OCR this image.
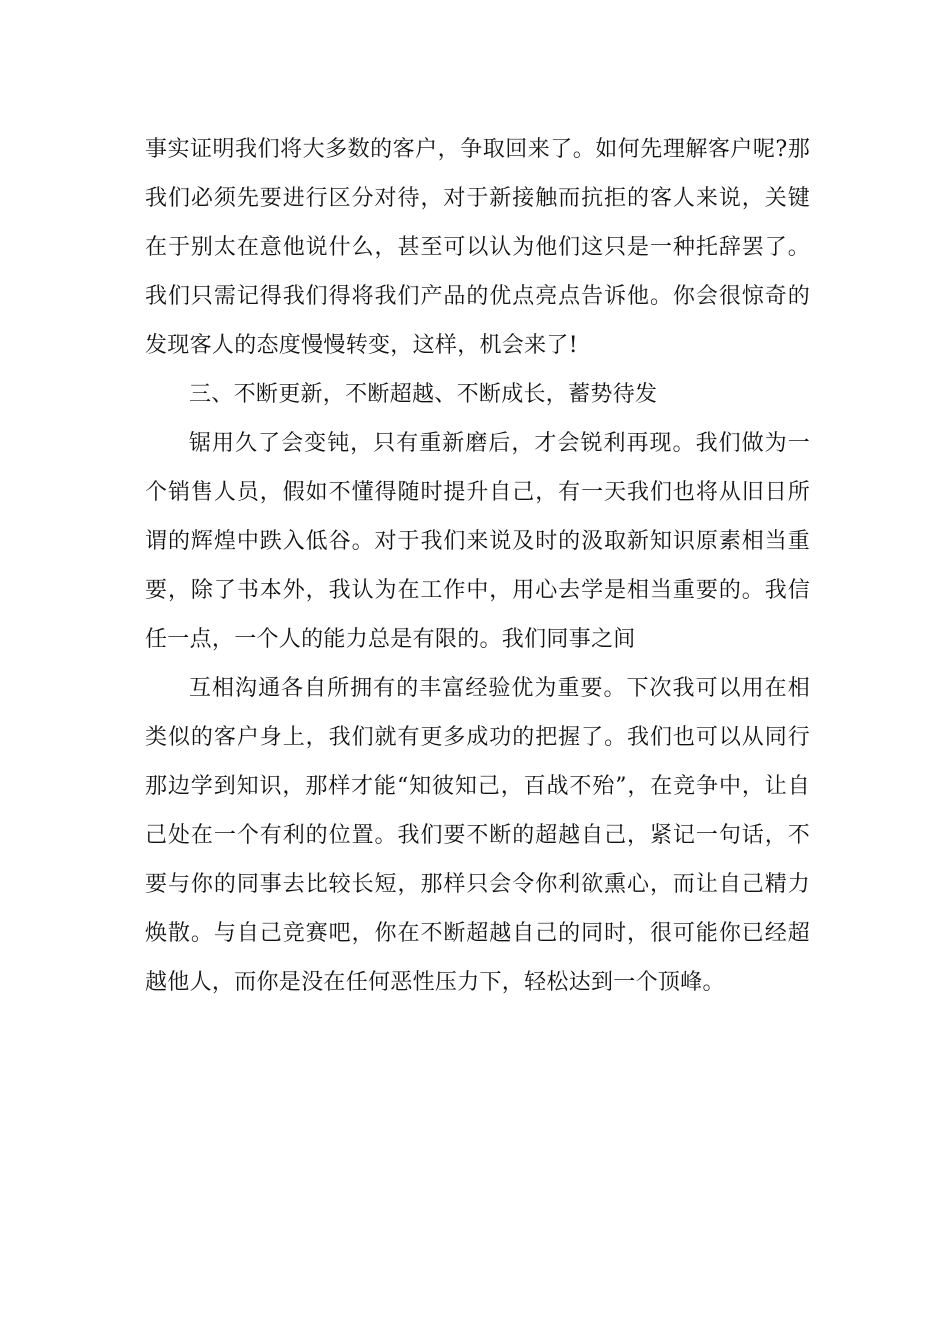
事实证明我们将大多数的客户，争取回来了。如何先理解客户呢?那我们必须先要进行区分对待，对于新接触而抗拒的客人来说，关键在于别太在意他说什么，甚至可以认为他们这只是一种托辞罢了。我们只需记得我们得将我们产品的优点亮点告诉他。你会很惊奇的发现客人的态度慢慢转变，这样，机会来了!

三、不断更新，不断超越、不断成长，蓄势待发

锯用久了会变钝，只有重新磨后，才会锐利再现。我们做为一个销售人员，假如不懂得随时提升自己，有一天我们也将从旧日所谓的辉煌中跌入低谷。对于我们来说及时的汲取新知识原素相当重要，除了书本外，我认为在工作中，用心去学是相当重要的。我信任一点，一个人的能力总是有限的。我们同事之间

互相沟通各自所拥有的丰富经验优为重要。下次我可以用在相类似的客户身上，我们就有更多成功的把握了。我们也可以从同行那边学到知识，那样才能“知彼知己，百战不殆”，在竞争中，让自己处在一个有利的位置。我们要不断的超越自己，紧记一句话，不要与你的同事去比较长短，那样只会令你利欲熏心，而让自己精力焕散。与自己竞赛吧，你在不断超越自己的同时，很可能你已经超越他人，而你是没在任何恶性压力下，轻松达到一个顶峰。
